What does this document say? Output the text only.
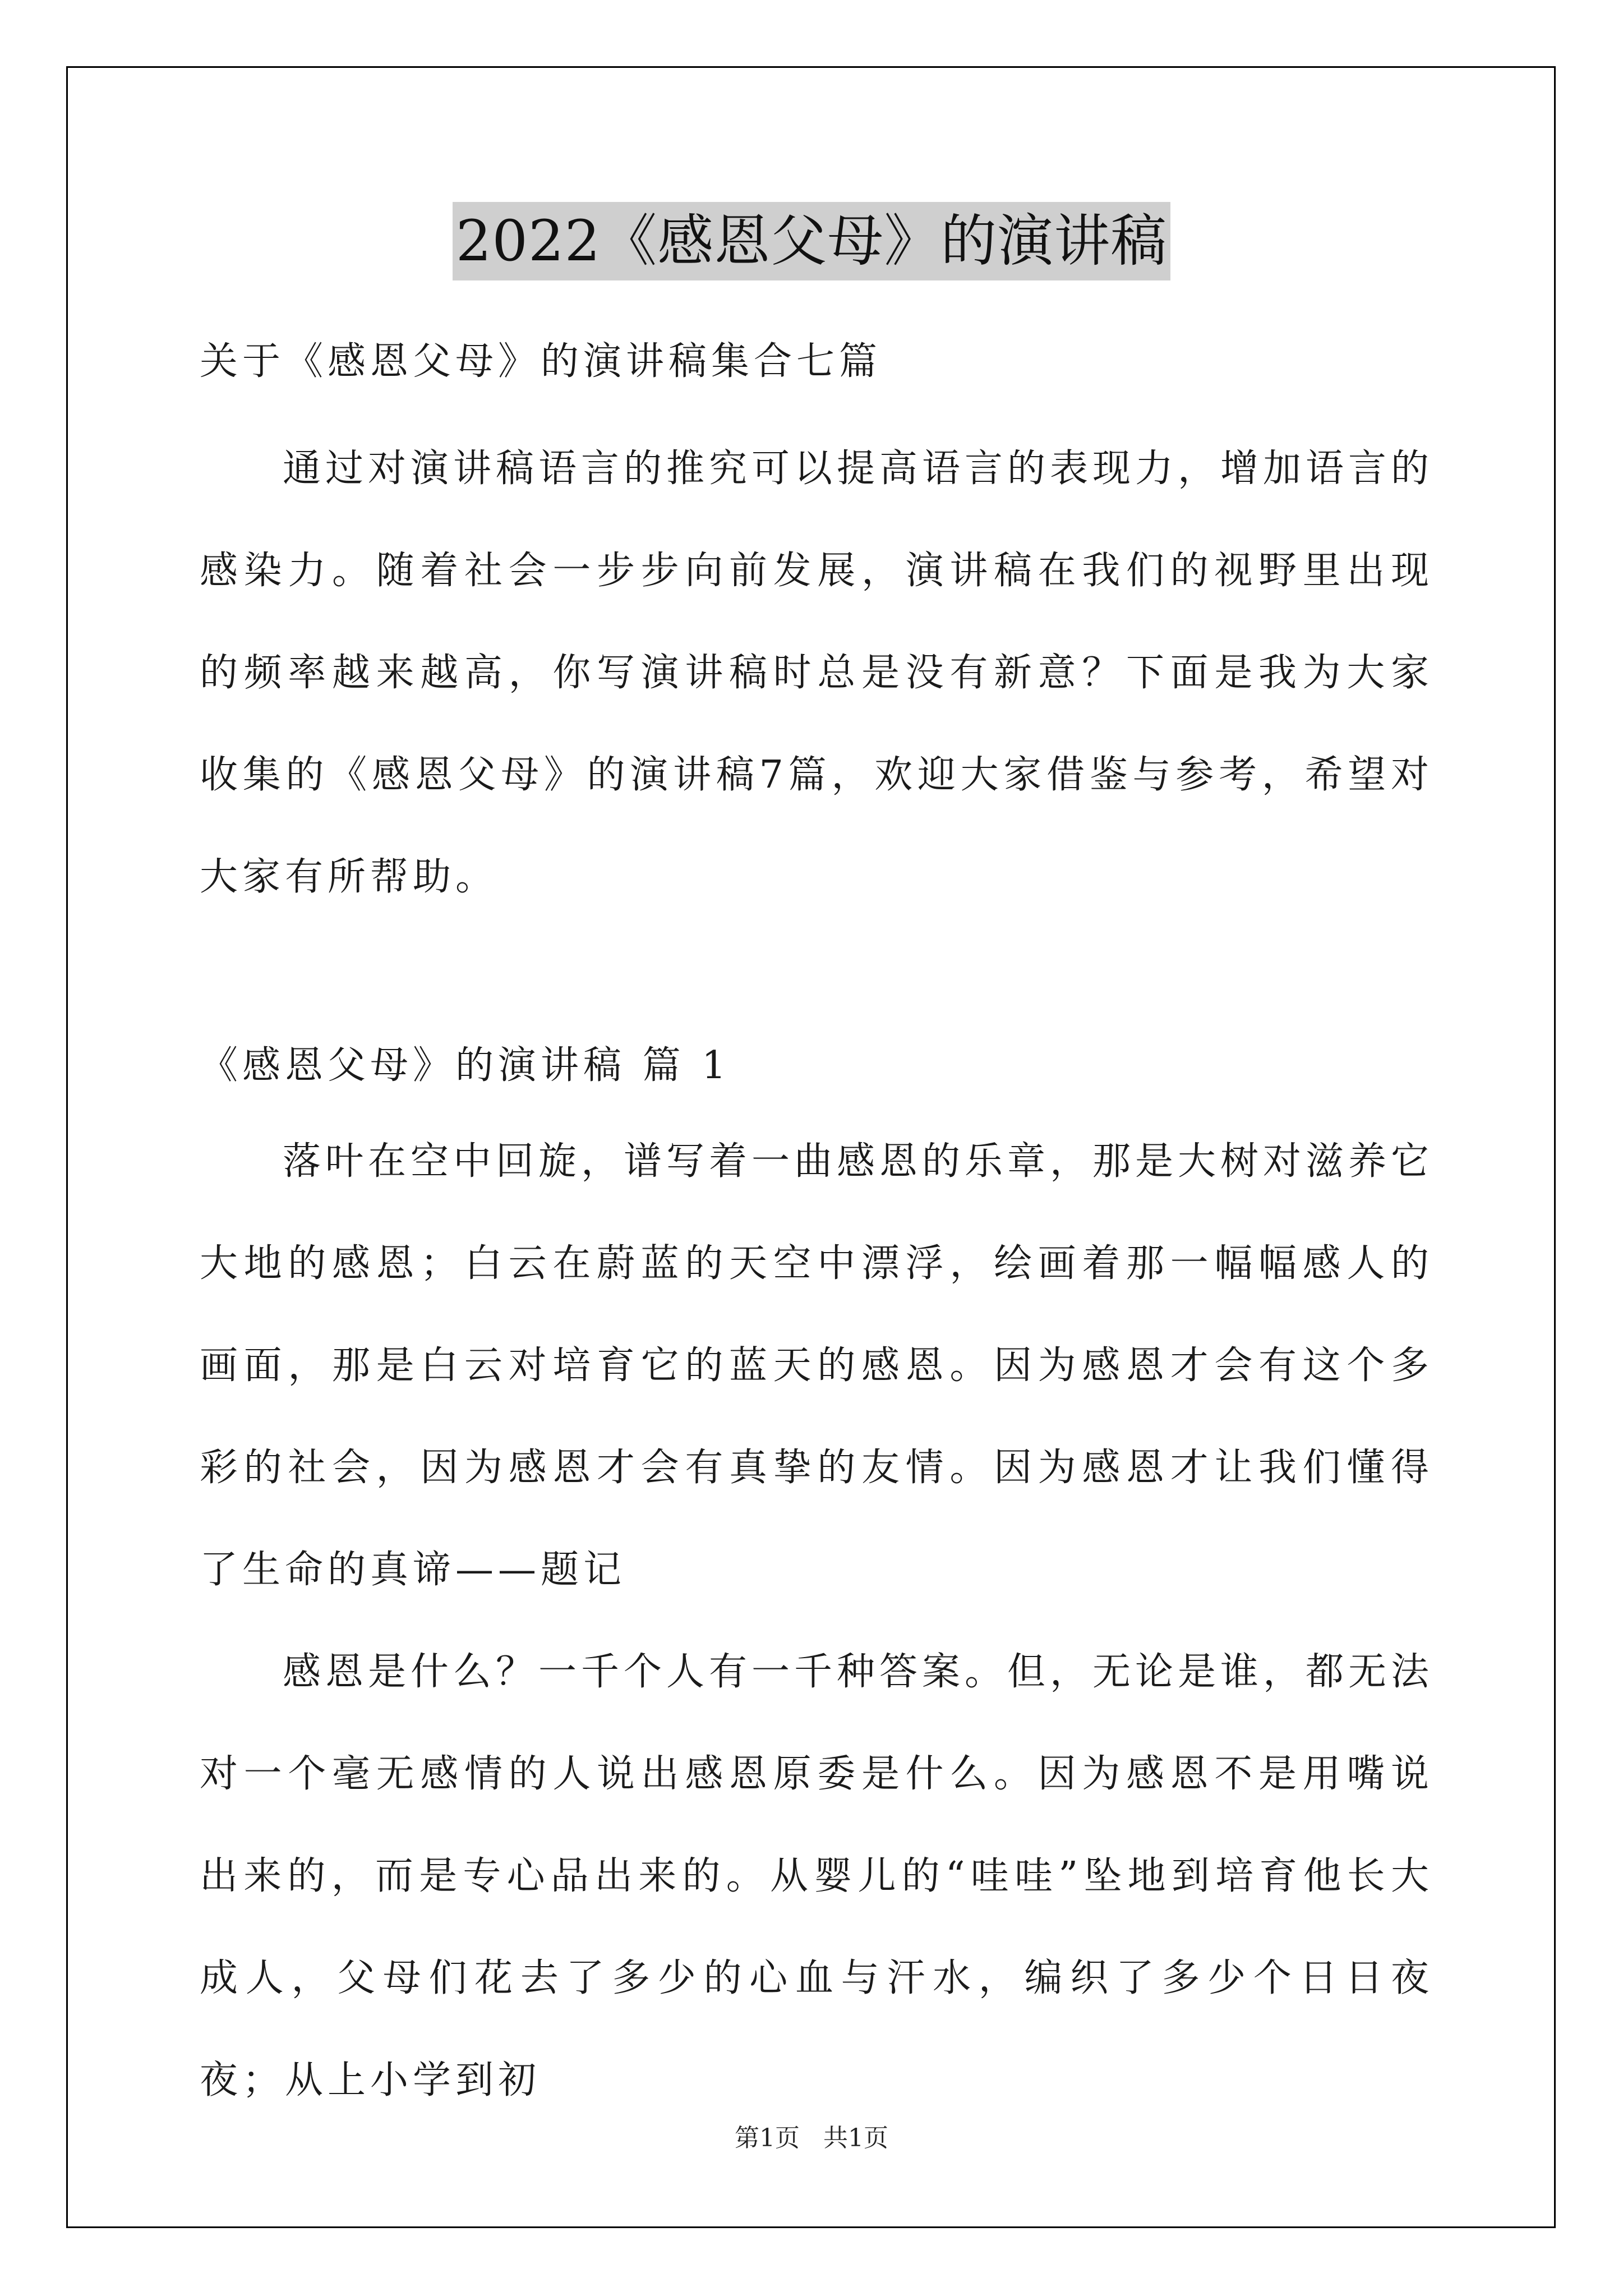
2022《感恩父母》的演讲稿

关于《感恩父母》的演讲稿集合七篇

通过对演讲稿语言的推究可以提高语言的表现力，增加语言的感染力。随着社会一步步向前发展，演讲稿在我们的视野里出现的频率越来越高，你写演讲稿时总是没有新意？下面是我为大家收集的《感恩父母》的演讲稿7篇，欢迎大家借鉴与参考，希望对大家有所帮助。

《感恩父母》的演讲稿 篇 1

落叶在空中回旋，谱写着一曲感恩的乐章，那是大树对滋养它大地的感恩；白云在蔚蓝的天空中漂浮，绘画着那一幅幅感人的画面，那是白云对培育它的蓝天的感恩。因为感恩才会有这个多彩的社会，因为感恩才会有真挚的友情。因为感恩才让我们懂得了生命的真谛——题记

感恩是什么？一千个人有一千种答案。但，无论是谁，都无法对一个毫无感情的人说出感恩原委是什么。因为感恩不是用嘴说出来的，而是专心品出来的。从婴儿的“哇哇”坠地到培育他长大成人，父母们花去了多少的心血与汗水，编织了多少个日日夜夜；从上小学到初

第1页   共1页
